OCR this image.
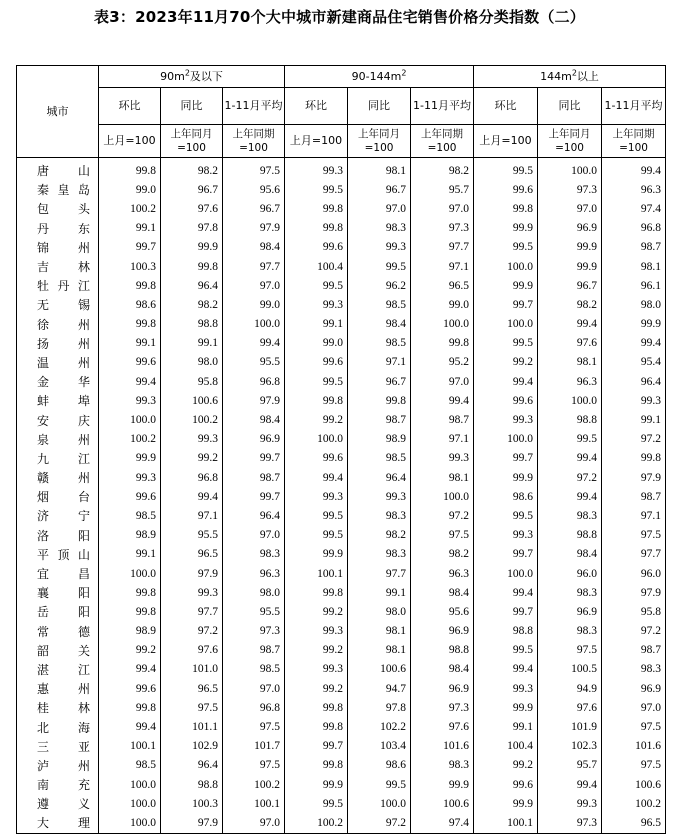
表3：2023年11月70个大中城市新建商品住宅销售价格分类指数（二）
城市	$90m^2$及以下			$90-144m^2$			$144m^2$以上		
	环比	同比	1-11月平均	环比	同比	1-11月平均	环比	同比	1-11月平均
	上月=100	上年同月=100	上年同期=100	上月=100	上年同月=100	上年同期=100	上月=100	上年同月=100	上年同期=100
唐山	99.8	98.2	97.5	99.3	98.1	98.2	99.5	100.0	99.4
秦皇岛	99.0	96.7	95.6	99.5	96.7	95.7	99.6	97.3	96.3
包头	100.2	97.6	96.7	99.8	97.0	97.0	99.8	97.0	97.4
丹东	99.1	97.8	97.9	99.8	98.3	97.3	99.9	96.9	96.8
锦州	99.7	99.9	98.4	99.6	99.3	97.7	99.5	99.9	98.7
吉林	100.3	99.8	97.7	100.4	99.5	97.1	100.0	99.9	98.1
牡丹江	99.8	96.4	97.0	99.5	96.2	96.5	99.9	96.7	96.1
无锡	98.6	98.2	99.0	99.3	98.5	99.0	99.7	98.2	98.0
徐州	99.8	98.8	100.0	99.1	98.4	100.0	100.0	99.4	99.9
扬州	99.1	99.1	99.4	99.0	98.5	99.8	99.5	97.6	99.4
温州	99.6	98.0	95.5	99.6	97.1	95.2	99.2	98.1	95.4
金华	99.4	95.8	96.8	99.5	96.7	97.0	99.4	96.3	96.4
蚌埠	99.3	100.6	97.9	99.8	99.8	99.4	99.6	100.0	99.3
安庆	100.0	100.2	98.4	99.2	98.7	98.7	99.3	98.8	99.1
泉州	100.2	99.3	96.9	100.0	98.9	97.1	100.0	99.5	97.2
九江	99.9	99.2	99.7	99.6	98.5	99.3	99.7	99.4	99.8
赣州	99.3	96.8	98.7	99.4	96.4	98.1	99.9	97.2	97.9
烟台	99.6	99.4	99.7	99.3	99.3	100.0	98.6	99.4	98.7
济宁	98.5	97.1	96.4	99.5	98.3	97.2	99.5	98.3	97.1
洛阳	98.9	95.5	97.0	99.5	98.2	97.5	99.3	98.8	97.5
平顶山	99.1	96.5	98.3	99.9	98.3	98.2	99.7	98.4	97.7
宜昌	100.0	97.9	96.3	100.1	97.7	96.3	100.0	96.0	96.0
襄阳	99.8	99.3	98.0	99.8	99.1	98.4	99.4	98.3	97.9
岳阳	99.8	97.7	95.5	99.2	98.0	95.6	99.7	96.9	95.8
常德	98.9	97.2	97.3	99.3	98.1	96.9	98.8	98.3	97.2
韶关	99.2	97.6	98.7	99.2	98.1	98.8	99.5	97.5	98.7
湛江	99.4	101.0	98.5	99.3	100.6	98.4	99.4	100.5	98.3
惠州	99.6	96.5	97.0	99.2	94.7	96.9	99.3	94.9	96.9
桂林	99.8	97.5	96.8	99.8	97.8	97.3	99.9	97.6	97.0
北海	99.4	101.1	97.5	99.8	102.2	97.6	99.1	101.9	97.5
三亚	100.1	102.9	101.7	99.7	103.4	101.6	100.4	102.3	101.6
泸州	98.5	96.4	97.5	99.8	98.6	98.3	99.2	95.7	97.5
南充	100.0	98.8	100.2	99.9	99.5	99.9	99.6	99.4	100.6
遵义	100.0	100.3	100.1	99.5	100.0	100.6	99.9	99.3	100.2
大理	100.0	97.9	97.0	100.2	97.2	97.4	100.1	97.3	96.5
